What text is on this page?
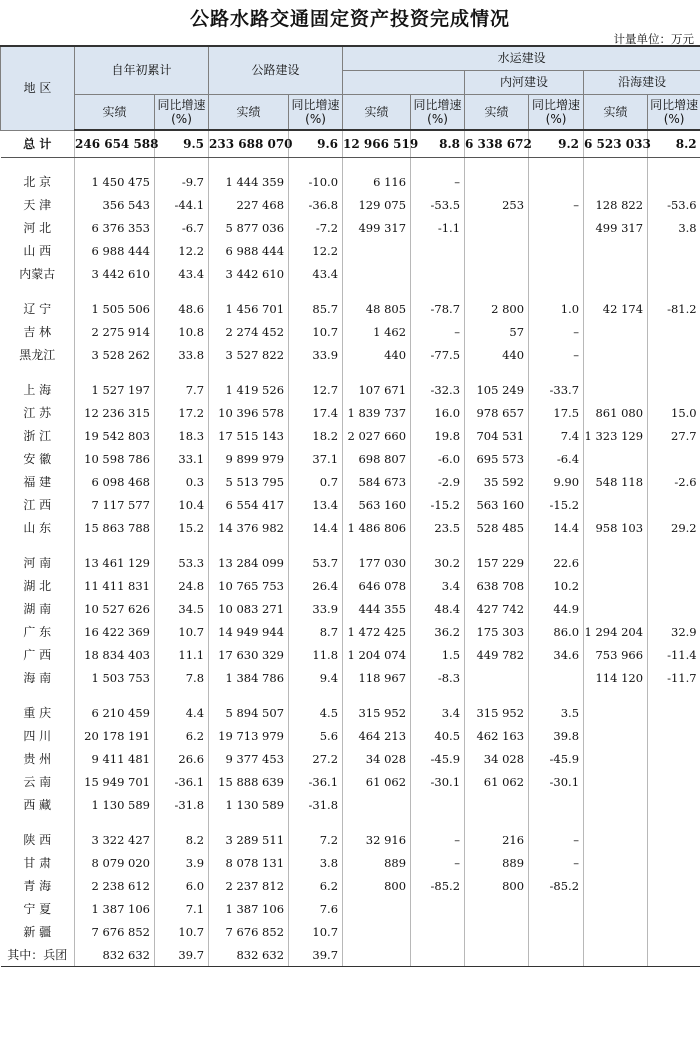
公路水路交通固定资产投资完成情况
计量单位：万元
地 区	自年初累计		公路建设		水运建设					
							内河建设		沿海建设	
	实绩	同比增速(%)	实绩	同比增速(%)	实绩	同比增速(%)	实绩	同比增速(%)	实绩	同比增速(%)
总 计	246 654 588	9.5	233 688 070	9.6	12 966 519	8.8	6 338 672	9.2	6 523 033	8.2

北 京	1 450 475	-9.7	1 444 359	-10.0	6 116	–				
天 津	356 543	-44.1	227 468	-36.8	129 075	-53.5	253	–	128 822	-53.6
河 北	6 376 353	-6.7	5 877 036	-7.2	499 317	-1.1			499 317	3.8
山 西	6 988 444	12.2	6 988 444	12.2						
内蒙古	3 442 610	43.4	3 442 610	43.4						

辽 宁	1 505 506	48.6	1 456 701	85.7	48 805	-78.7	2 800	1.0	42 174	-81.2
吉 林	2 275 914	10.8	2 274 452	10.7	1 462	–	57	–		
黑龙江	3 528 262	33.8	3 527 822	33.9	440	-77.5	440	–		

上 海	1 527 197	7.7	1 419 526	12.7	107 671	-32.3	105 249	-33.7		
江 苏	12 236 315	17.2	10 396 578	17.4	1 839 737	16.0	978 657	17.5	861 080	15.0
浙 江	19 542 803	18.3	17 515 143	18.2	2 027 660	19.8	704 531	7.4	1 323 129	27.7
安 徽	10 598 786	33.1	9 899 979	37.1	698 807	-6.0	695 573	-6.4		
福 建	6 098 468	0.3	5 513 795	0.7	584 673	-2.9	35 592	9.90	548 118	-2.6
江 西	7 117 577	10.4	6 554 417	13.4	563 160	-15.2	563 160	-15.2		
山 东	15 863 788	15.2	14 376 982	14.4	1 486 806	23.5	528 485	14.4	958 103	29.2

河 南	13 461 129	53.3	13 284 099	53.7	177 030	30.2	157 229	22.6		
湖 北	11 411 831	24.8	10 765 753	26.4	646 078	3.4	638 708	10.2		
湖 南	10 527 626	34.5	10 083 271	33.9	444 355	48.4	427 742	44.9		
广 东	16 422 369	10.7	14 949 944	8.7	1 472 425	36.2	175 303	86.0	1 294 204	32.9
广 西	18 834 403	11.1	17 630 329	11.8	1 204 074	1.5	449 782	34.6	753 966	-11.4
海 南	1 503 753	7.8	1 384 786	9.4	118 967	-8.3			114 120	-11.7

重 庆	6 210 459	4.4	5 894 507	4.5	315 952	3.4	315 952	3.5		
四 川	20 178 191	6.2	19 713 979	5.6	464 213	40.5	462 163	39.8		
贵 州	9 411 481	26.6	9 377 453	27.2	34 028	-45.9	34 028	-45.9		
云 南	15 949 701	-36.1	15 888 639	-36.1	61 062	-30.1	61 062	-30.1		
西 藏	1 130 589	-31.8	1 130 589	-31.8						

陕 西	3 322 427	8.2	3 289 511	7.2	32 916	–	216	–		
甘 肃	8 079 020	3.9	8 078 131	3.8	889	–	889	–		
青 海	2 238 612	6.0	2 237 812	6.2	800	-85.2	800	-85.2		
宁 夏	1 387 106	7.1	1 387 106	7.6						
新 疆	7 676 852	10.7	7 676 852	10.7						
其中：兵团	832 632	39.7	832 632	39.7						
